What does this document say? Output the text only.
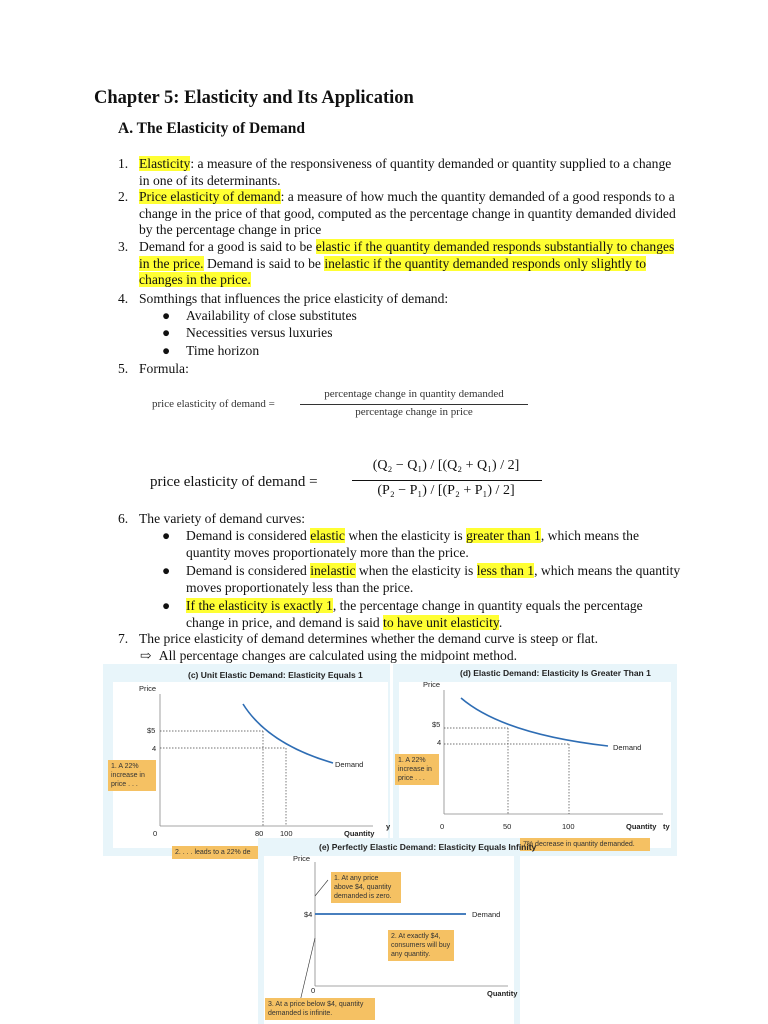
Chapter 5: Elasticity and Its Application
A. The Elasticity of Demand
1. Elasticity: a measure of the responsiveness of quantity demanded or quantity supplied to a change in one of its determinants.
2. Price elasticity of demand: a measure of how much the quantity demanded of a good responds to a change in the price of that good, computed as the percentage change in quantity demanded divided by the percentage change in price
3. Demand for a good is said to be elastic if the quantity demanded responds substantially to changes in the price. Demand is said to be inelastic if the quantity demanded responds only slightly to changes in the price.
4. Somthings that influences the price elasticity of demand:
● Availability of close substitutes
● Necessities versus luxuries
● Time horizon
5. Formula:
price elasticity of demand =
percentage change in quantity demanded
percentage change in price
price elasticity of demand =
(Q₂ − Q₁) / [(Q₂ + Q₁) / 2]
(P₂ − P₁) / [(P₂ + P₁) / 2]
6. The variety of demand curves:
● Demand is considered elastic when the elasticity is greater than 1, which means the quantity moves proportionately more than the price.
● Demand is considered inelastic when the elasticity is less than 1, which means the quantity moves proportionately less than the price.
● If the elasticity is exactly 1, the percentage change in quantity equals the percentage change in price, and demand is said to have unit elasticity.
7. The price elasticity of demand determines whether the demand curve is steep or flat.
⇨ All percentage changes are calculated using the midpoint method.
(c) Unit Elastic Demand: Elasticity Equals 1
Price
$5
4
0	80 100	Quantity
Demand
1. A 22% increase in price . . .
2. . . . leads to a 22% de
(d) Elastic Demand: Elasticity Is Greater Than 1
Price
$5
4
0	50	100	Quantity
Demand
1. A 22% increase in price . . .
7% decrease in quantity demanded.
ty
y
(e) Perfectly Elastic Demand: Elasticity Equals Infinity
Price
$4
0	Quantity
Demand
1. At any price above $4, quantity demanded is zero.
2. At exactly $4, consumers will buy any quantity.
3. At a price below $4, quantity demanded is infinite.
